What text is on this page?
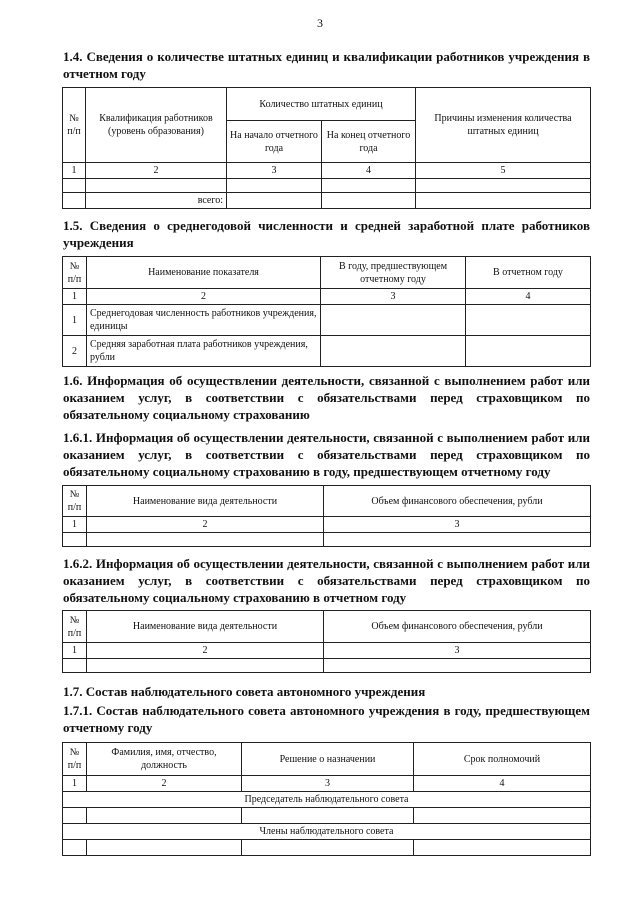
3
1.4. Сведения о количестве штатных единиц и квалификации работников учреждения в отчетном году
№ п/п	Квалификация работников (уровень образования)	Количество штатных единиц		Причины изменения количества штатных единиц
		На начало отчетного года	На конец отчетного года	
1	2	3	4	5

	всего:			
1.5. Сведения о среднегодовой численности и средней заработной плате работников учреждения
№ п/п	Наименование показателя	В году, предшествующем отчетному году	В отчетном году
1	2	3	4
1	Среднегодовая численность работников учреждения, единицы		
2	Средняя заработная плата работников учреждения, рубли		
1.6. Информация об осуществлении деятельности, связанной с выполнением работ или оказанием услуг, в соответствии с обязательствами перед страховщиком по обязательному социальному страхованию
1.6.1. Информация об осуществлении деятельности, связанной с выполнением работ или оказанием услуг, в соответствии с обязательствами перед страховщиком по обязательному социальному страхованию в году, предшествующем отчетному году
№ п/п	Наименование вида деятельности	Объем финансового обеспечения, рубли
1	2	3

1.6.2. Информация об осуществлении деятельности, связанной с выполнением работ или оказанием услуг, в соответствии с обязательствами перед страховщиком по обязательному социальному страхованию в отчетном году
№ п/п	Наименование вида деятельности	Объем финансового обеспечения, рубли
1	2	3

1.7. Состав наблюдательного совета автономного учреждения
1.7.1. Состав наблюдательного совета автономного учреждения в году, предшествующем отчетному году
№ п/п	Фамилия, имя, отчество, должность	Решение о назначении	Срок полномочий
1	2	3	4
Председатель наблюдательного совета			

Члены наблюдательного совета			
